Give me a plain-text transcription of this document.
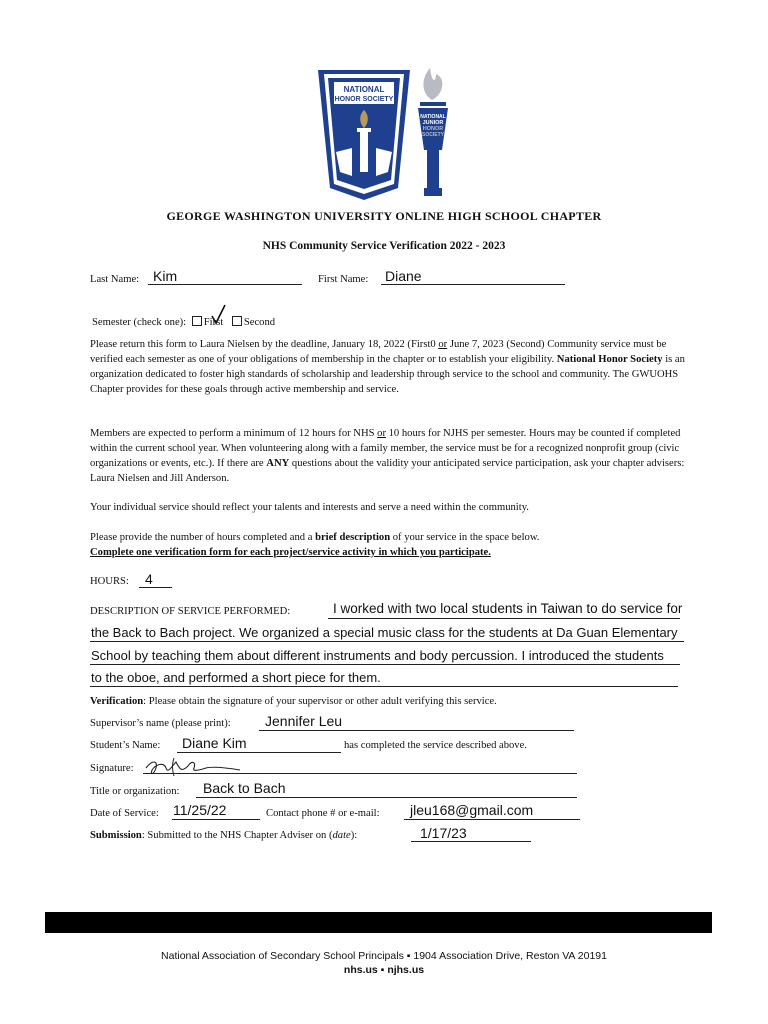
NATIONAL
HONOR SOCIETY
NATIONAL
JUNIOR
HONOR
SOCIETY
GEORGE WASHINGTON UNIVERSITY ONLINE HIGH SCHOOL CHAPTER
NHS Community Service Verification 2022 - 2023
Last Name: Kim	First Name: Diane
Semester (check one): First Second
Please return this form to Laura Nielsen by the deadline, January 18, 2022 (First0 or June 7, 2023 (Second) Community service must be verified each semester as one of your obligations of membership in the chapter or to establish your eligibility. National Honor Society is an organization dedicated to foster high standards of scholarship and leadership through service to the school and community. The GWUOHS Chapter provides for these goals through active membership and service.
Members are expected to perform a minimum of 12 hours for NHS or 10 hours for NJHS per semester. Hours may be counted if completed within the current school year. When volunteering along with a family member, the service must be for a recognized nonprofit group (civic organizations or events, etc.). If there are ANY questions about the validity your anticipated service participation, ask your chapter advisers: Laura Nielsen and Jill Anderson.
Your individual service should reflect your talents and interests and serve a need within the community.
Please provide the number of hours completed and a brief description of your service in the space below.
Complete one verification form for each project/service activity in which you participate.
HOURS: 4
DESCRIPTION OF SERVICE PERFORMED:	I worked with two local students in Taiwan to do service for
the Back to Bach project. We organized a special music class for the students at Da Guan Elementary
School by teaching them about different instruments and body percussion. I introduced the students
to the oboe, and performed a short piece for them.
Verification: Please obtain the signature of your supervisor or other adult verifying this service.
Supervisor’s name (please print): Jennifer Leu
Student’s Name: Diane Kim	has completed the service described above.
Signature:
Title or organization: Back to Bach
Date of Service: 11/25/22	Contact phone # or e-mail: jleu168@gmail.com
Submission: Submitted to the NHS Chapter Adviser on (date):	1/17/23
National Association of Secondary School Principals ▪ 1904 Association Drive, Reston VA 20191
nhs.us ▪ njhs.us
